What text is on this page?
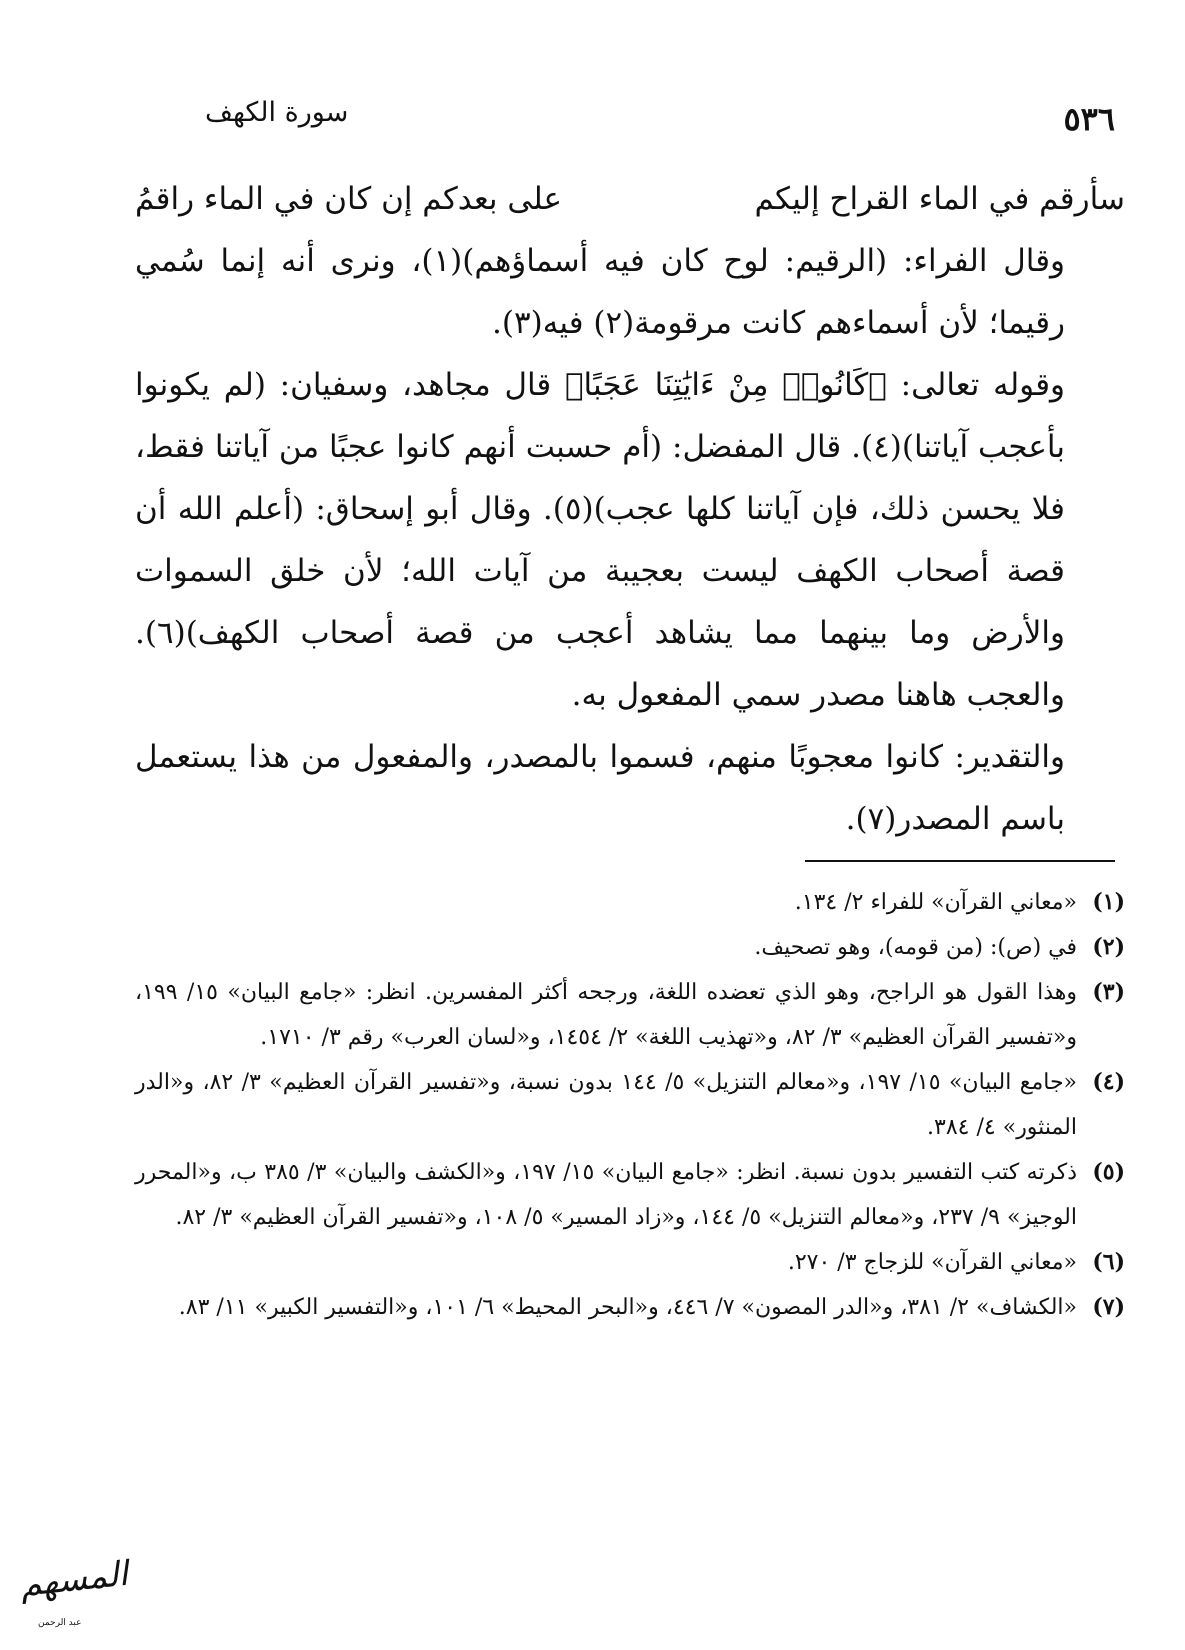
٥٣٦
سورة الكهف
سأرقم في الماء القراح إليكم
على بعدكم إن كان في الماء راقمُ

وقال الفراء: (الرقيم: لوح كان فيه أسماؤهم)(١)، ونرى أنه إنما سُمي رقيما؛ لأن أسماءهم كانت مرقومة(٢) فيه(٣).

وقوله تعالى: ﴿كَانُوا۟ مِنْ ءَايَٰتِنَا عَجَبًا﴾ قال مجاهد، وسفيان: (لم يكونوا بأعجب آياتنا)(٤). قال المفضل: (أم حسبت أنهم كانوا عجبًا من آياتنا فقط، فلا يحسن ذلك، فإن آياتنا كلها عجب)(٥). وقال أبو إسحاق: (أعلم الله أن قصة أصحاب الكهف ليست بعجيبة من آيات الله؛ لأن خلق السموات والأرض وما بينهما مما يشاهد أعجب من قصة أصحاب الكهف)(٦). والعجب هاهنا مصدر سمي المفعول به.

والتقدير: كانوا معجوبًا منهم، فسموا بالمصدر، والمفعول من هذا يستعمل باسم المصدر(٧).

(١)
«معاني القرآن» للفراء ٢/ ١٣٤.
(٢)
في (ص): (من قومه)، وهو تصحيف.
(٣)
وهذا القول هو الراجح، وهو الذي تعضده اللغة، ورجحه أكثر المفسرين. انظر: «جامع البيان» ١٥/ ١٩٩، و«تفسير القرآن العظيم» ٣/ ٨٢، و«تهذيب اللغة» ٢/ ١٤٥٤، و«لسان العرب» رقم ٣/ ١٧١٠.
(٤)
«جامع البيان» ١٥/ ١٩٧، و«معالم التنزيل» ٥/ ١٤٤ بدون نسبة، و«تفسير القرآن العظيم» ٣/ ٨٢، و«الدر المنثور» ٤/ ٣٨٤.
(٥)
ذكرته كتب التفسير بدون نسبة. انظر: «جامع البيان» ١٥/ ١٩٧، و«الكشف والبيان» ٣/ ٣٨٥ ب، و«المحرر الوجيز» ٩/ ٢٣٧، و«معالم التنزيل» ٥/ ١٤٤، و«زاد المسير» ٥/ ١٠٨، و«تفسير القرآن العظيم» ٣/ ٨٢.
(٦)
«معاني القرآن» للزجاج ٣/ ٢٧٠.
(٧)
«الكشاف» ٢/ ٣٨١، و«الدر المصون» ٧/ ٤٤٦، و«البحر المحيط» ٦/ ١٠١، و«التفسير الكبير» ١١/ ٨٣.
المسهم
عبد الرحمن
